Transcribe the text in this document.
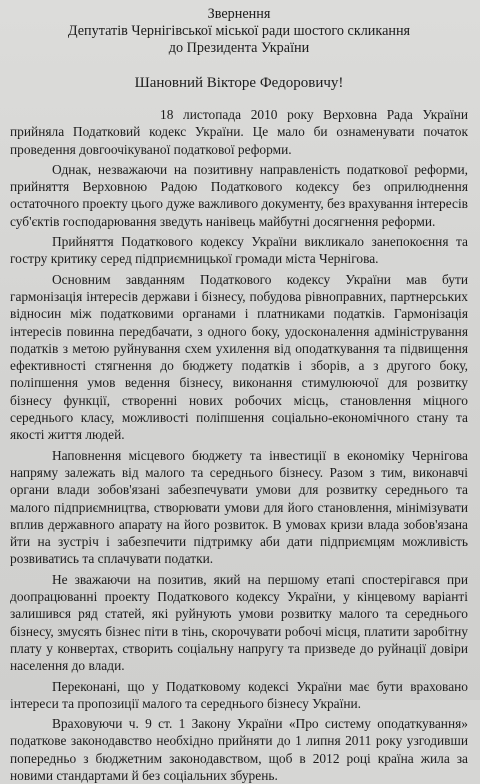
Звернення
Депутатів Чернігівської міської ради шостого скликання
до Президента України
Шановний Вікторе Федоровичу!

18 листопада 2010 року Верховна Рада України прийняла Податковий кодекс України. Це мало би ознаменувати початок проведення довгоочікуваної податкової реформи.

Однак, незважаючи на позитивну направленість податкової реформи, прийняття Верховною Радою Податкового кодексу без оприлюднення остаточного проекту цього дуже важливого документу, без врахування інтересів суб'єктів господарювання зведуть нанівець майбутні досягнення реформи.

Прийняття Податкового кодексу України викликало занепокоєння та гостру критику серед підприємницької громади міста Чернігова.

Основним завданням Податкового кодексу України мав бути гармонізація інтересів держави і бізнесу, побудова рівноправних, партнерських відносин між податковими органами і платниками податків. Гармонізація інтересів повинна передбачати, з одного боку, удосконалення адміністрування податків з метою руйнування схем ухилення від оподаткування та підвищення ефективності стягнення до бюджету податків і зборів, а з другого боку, поліпшення умов ведення бізнесу, виконання стимулюючої для розвитку бізнесу функції, створенні нових робочих місць, становлення міцного середнього класу, можливості поліпшення соціально-економічного стану та якості життя людей.

Наповнення місцевого бюджету та інвестиції в економіку Чернігова напряму залежать від малого та середнього бізнесу. Разом з тим, виконавчі органи влади зобов'язані забезпечувати умови для розвитку середнього та малого підприємництва, створювати умови для його становлення, мінімізувати вплив державного апарату на його розвиток. В умовах кризи влада зобов'язана йти на зустріч і забезпечити підтримку аби дати підприємцям можливість розвиватись та сплачувати податки.

Не зважаючи на позитив, який на першому етапі спостерігався при доопрацюванні проекту Податкового кодексу України, у кінцевому варіанті залишився ряд статей, які руйнують умови розвитку малого та середнього бізнесу, змусять бізнес піти в тінь, скорочувати робочі місця, платити заробітну плату у конвертах, створить соціальну напругу та призведе до руйнації довіри населення до влади.

Переконані, що у Податковому кодексі України має бути враховано інтереси та пропозиції малого та середнього бізнесу України.

Враховуючи ч. 9 ст. 1 Закону України «Про систему оподаткування» податкове законодавство необхідно прийняти до 1 липня 2011 року узгодивши попередньо з бюджетним законодавством, щоб в 2012 році країна жила за новими стандартами й без соціальних збурень.
